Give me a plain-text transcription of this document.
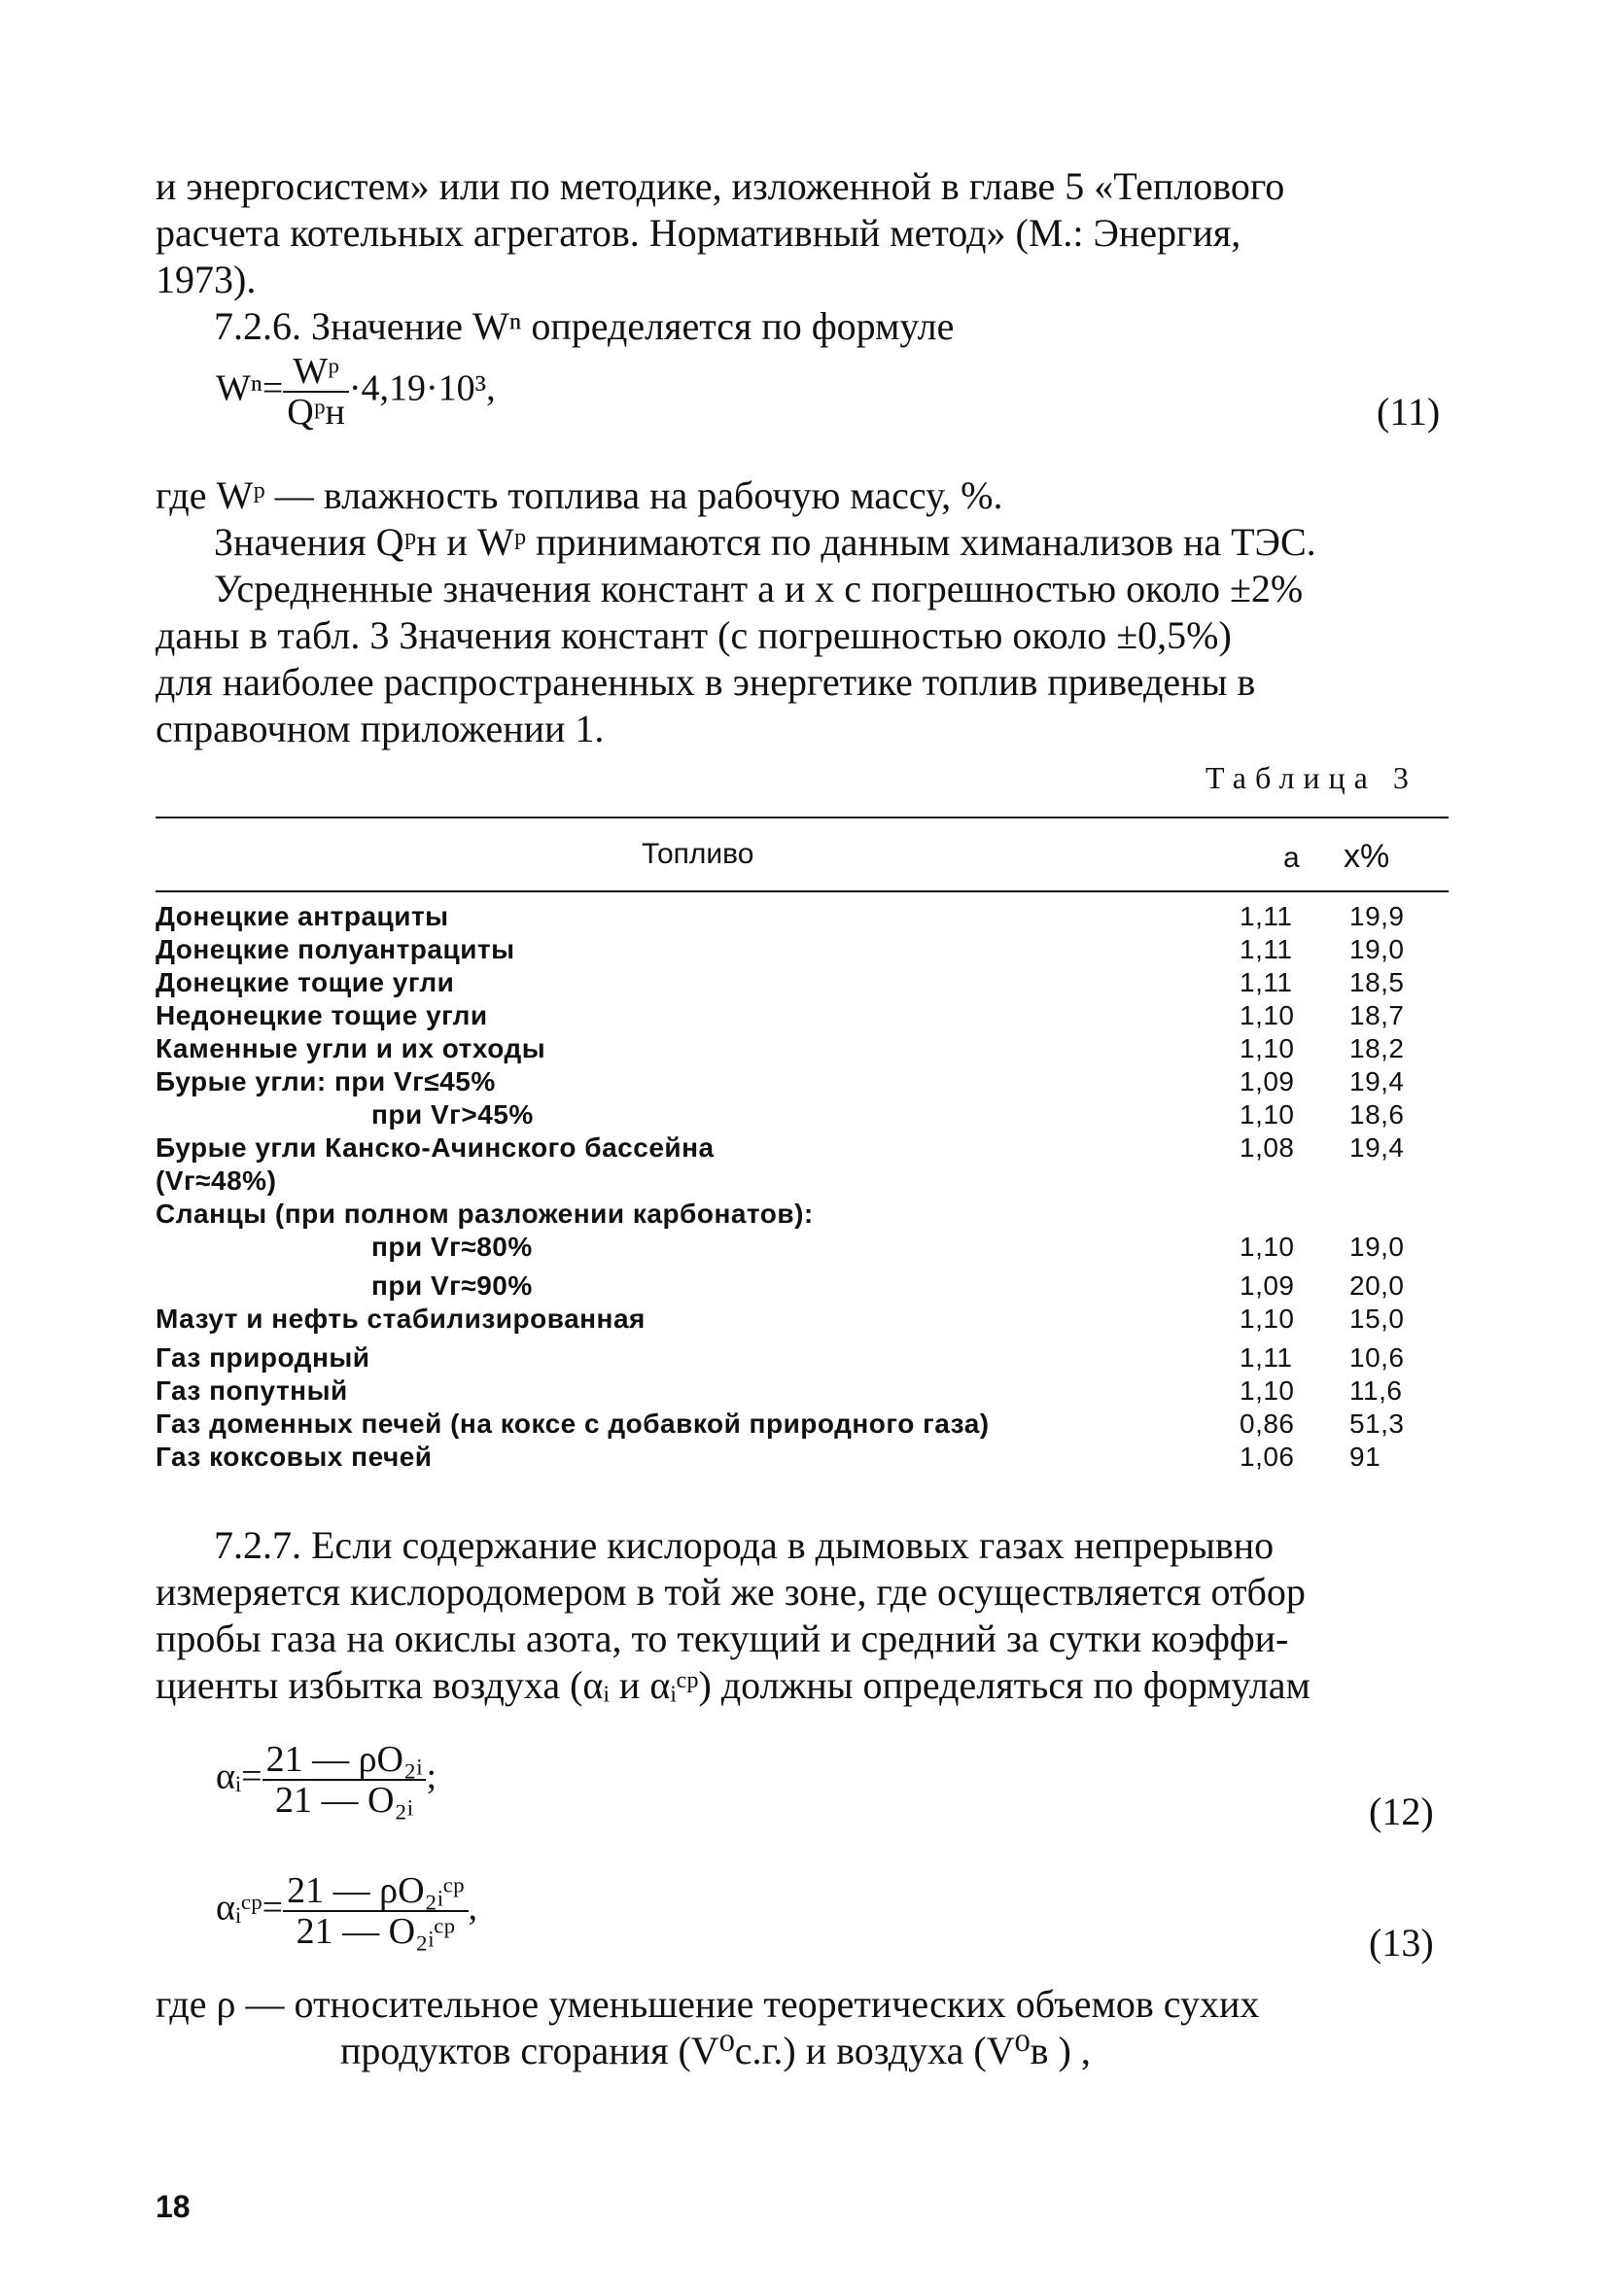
и энергосистем» или по методике, изложенной в главе 5 «Теплового
расчета котельных агрегатов. Нормативный метод» (М.: Энергия,
1973).
7.2.6. Значение Wⁿ определяется по формуле
$W^n= \frac{\text{Wᵖ}}{\text{Qᵖн}} \cdot 4,19\cdot 10^3$,
(11)
где Wᵖ — влажность топлива на рабочую массу, %.
Значения Qᵖн и Wᵖ принимаются по данным химанализов на ТЭС.
Усредненные значения констант а и х с погрешностью около ±2%
даны в табл. 3 Значения констант (с погрешностью около ±0,5%)
для наиболее распространенных в энергетике топлив приведены в
справочном приложении 1.
Таблица 3
Топливо	а х%
Донецкие антрациты	1,11 19,9
Донецкие полуантрациты	1,11 19,0
Донецкие тощие угли	1,11 18,5
Недонецкие тощие угли	1,10 18,7
Каменные угли и их отходы	1,10 18,2
Бурые угли: при Vг≤45%	1,09 19,4
при Vг>45%	1,10 18,6
Бурые угли Канско-Ачинского бассейна	1,08 19,4
(Vг≈48%)
Сланцы (при полном разложении карбонатов):
при Vг≈80%	1,10 19,0
при Vг≈90%	1,09 20,0
Мазут и нефть стабилизированная	1,10 15,0
Газ природный	1,11 10,6
Газ попутный	1,10 11,6
Газ доменных печей (на коксе с добавкой природного газа)	0,86 51,3
Газ коксовых печей	1,06 91
αᵢ= $\frac{\text{21 — ρO₂ᵢ}}{\text{21 — O₂ᵢ}}$ ;
(12)
αᵢᶜᵖ= $\frac{\text{21 — ρO₂ᵢᶜᵖ}}{\text{21 — O₂ᵢᶜᵖ}}$ ,
(13)
7.2.7. Если содержание кислорода в дымовых газах непрерывно
измеряется кислородомером в той же зоне, где осуществляется отбор
пробы газа на окислы азота, то текущий и средний за сутки коэффи-
циенты избытка воздуха (αᵢ и αᵢᶜᵖ) должны определяться по формулам
где ρ — относительное уменьшение теоретических объемов сухих
продуктов сгорания (V⁰с.г.) и воздуха (V⁰в ) ,
18
